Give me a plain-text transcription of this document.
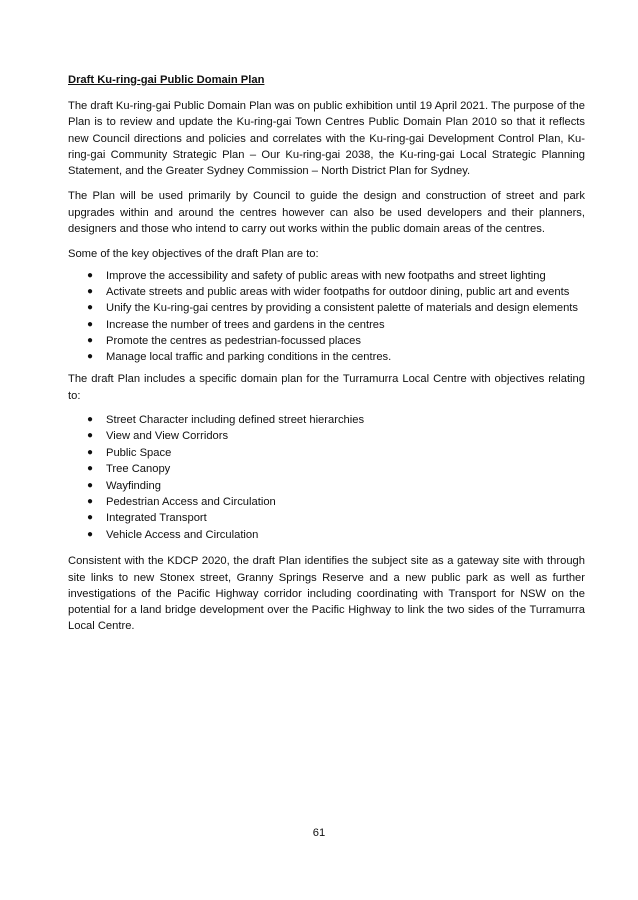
Draft Ku-ring-gai Public Domain Plan

The draft Ku-ring-gai Public Domain Plan was on public exhibition until 19 April 2021. The purpose of the Plan is to review and update the Ku-ring-gai Town Centres Public Domain Plan 2010 so that it reflects new Council directions and policies and correlates with the Ku-ring-gai Development Control Plan, Ku-ring-gai Community Strategic Plan – Our Ku-ring-gai 2038, the Ku-ring-gai Local Strategic Planning Statement, and the Greater Sydney Commission – North District Plan for Sydney.

The Plan will be used primarily by Council to guide the design and construction of street and park upgrades within and around the centres however can also be used developers and their planners, designers and those who intend to carry out works within the public domain areas of the centres.

Some of the key objectives of the draft Plan are to:

●	Improve the accessibility and safety of public areas with new footpaths and street lighting
●	Activate streets and public areas with wider footpaths for outdoor dining, public art and events
●	Unify the Ku-ring-gai centres by providing a consistent palette of materials and design elements
●	Increase the number of trees and gardens in the centres
●	Promote the centres as pedestrian-focussed places
●	Manage local traffic and parking conditions in the centres.

The draft Plan includes a specific domain plan for the Turramurra Local Centre with objectives relating to:

●	Street Character including defined street hierarchies
●	View and View Corridors
●	Public Space
●	Tree Canopy
●	Wayfinding
●	Pedestrian Access and Circulation
●	Integrated Transport
●	Vehicle Access and Circulation

Consistent with the KDCP 2020, the draft Plan identifies the subject site as a gateway site with through site links to new Stonex street, Granny Springs Reserve and a new public park as well as further investigations of the Pacific Highway corridor including coordinating with Transport for NSW on the potential for a land bridge development over the Pacific Highway to link the two sides of the Turramurra Local Centre.

61
